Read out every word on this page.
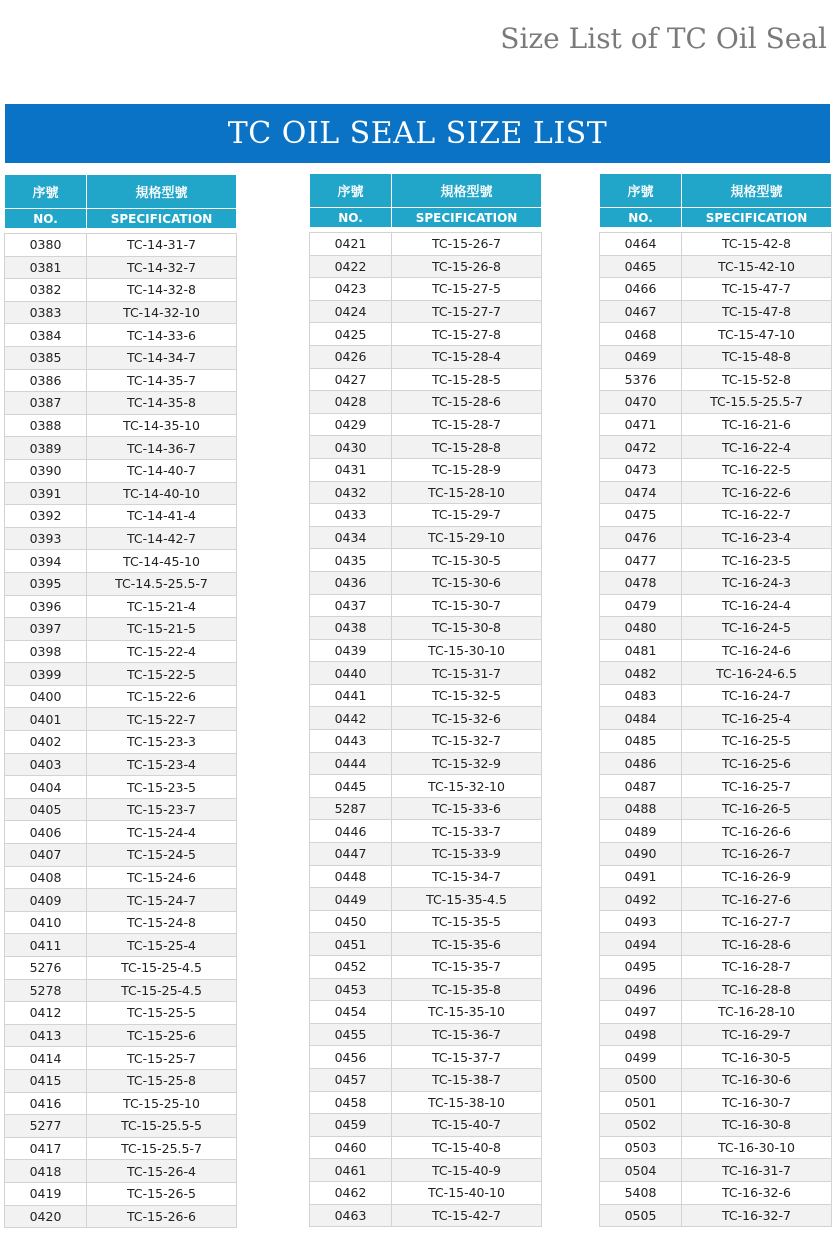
Size List of TC Oil Seal
TC OIL SEAL SIZE LIST
序號	規格型號
NO.	SPECIFICATION

0380	TC-14-31-7
0381	TC-14-32-7
0382	TC-14-32-8
0383	TC-14-32-10
0384	TC-14-33-6
0385	TC-14-34-7
0386	TC-14-35-7
0387	TC-14-35-8
0388	TC-14-35-10
0389	TC-14-36-7
0390	TC-14-40-7
0391	TC-14-40-10
0392	TC-14-41-4
0393	TC-14-42-7
0394	TC-14-45-10
0395	TC-14.5-25.5-7
0396	TC-15-21-4
0397	TC-15-21-5
0398	TC-15-22-4
0399	TC-15-22-5
0400	TC-15-22-6
0401	TC-15-22-7
0402	TC-15-23-3
0403	TC-15-23-4
0404	TC-15-23-5
0405	TC-15-23-7
0406	TC-15-24-4
0407	TC-15-24-5
0408	TC-15-24-6
0409	TC-15-24-7
0410	TC-15-24-8
0411	TC-15-25-4
5276	TC-15-25-4.5
5278	TC-15-25-4.5
0412	TC-15-25-5
0413	TC-15-25-6
0414	TC-15-25-7
0415	TC-15-25-8
0416	TC-15-25-10
5277	TC-15-25.5-5
0417	TC-15-25.5-7
0418	TC-15-26-4
0419	TC-15-26-5
0420	TC-15-26-6
序號	規格型號
NO.	SPECIFICATION

0421	TC-15-26-7
0422	TC-15-26-8
0423	TC-15-27-5
0424	TC-15-27-7
0425	TC-15-27-8
0426	TC-15-28-4
0427	TC-15-28-5
0428	TC-15-28-6
0429	TC-15-28-7
0430	TC-15-28-8
0431	TC-15-28-9
0432	TC-15-28-10
0433	TC-15-29-7
0434	TC-15-29-10
0435	TC-15-30-5
0436	TC-15-30-6
0437	TC-15-30-7
0438	TC-15-30-8
0439	TC-15-30-10
0440	TC-15-31-7
0441	TC-15-32-5
0442	TC-15-32-6
0443	TC-15-32-7
0444	TC-15-32-9
0445	TC-15-32-10
5287	TC-15-33-6
0446	TC-15-33-7
0447	TC-15-33-9
0448	TC-15-34-7
0449	TC-15-35-4.5
0450	TC-15-35-5
0451	TC-15-35-6
0452	TC-15-35-7
0453	TC-15-35-8
0454	TC-15-35-10
0455	TC-15-36-7
0456	TC-15-37-7
0457	TC-15-38-7
0458	TC-15-38-10
0459	TC-15-40-7
0460	TC-15-40-8
0461	TC-15-40-9
0462	TC-15-40-10
0463	TC-15-42-7
序號	規格型號
NO.	SPECIFICATION

0464	TC-15-42-8
0465	TC-15-42-10
0466	TC-15-47-7
0467	TC-15-47-8
0468	TC-15-47-10
0469	TC-15-48-8
5376	TC-15-52-8
0470	TC-15.5-25.5-7
0471	TC-16-21-6
0472	TC-16-22-4
0473	TC-16-22-5
0474	TC-16-22-6
0475	TC-16-22-7
0476	TC-16-23-4
0477	TC-16-23-5
0478	TC-16-24-3
0479	TC-16-24-4
0480	TC-16-24-5
0481	TC-16-24-6
0482	TC-16-24-6.5
0483	TC-16-24-7
0484	TC-16-25-4
0485	TC-16-25-5
0486	TC-16-25-6
0487	TC-16-25-7
0488	TC-16-26-5
0489	TC-16-26-6
0490	TC-16-26-7
0491	TC-16-26-9
0492	TC-16-27-6
0493	TC-16-27-7
0494	TC-16-28-6
0495	TC-16-28-7
0496	TC-16-28-8
0497	TC-16-28-10
0498	TC-16-29-7
0499	TC-16-30-5
0500	TC-16-30-6
0501	TC-16-30-7
0502	TC-16-30-8
0503	TC-16-30-10
0504	TC-16-31-7
5408	TC-16-32-6
0505	TC-16-32-7
